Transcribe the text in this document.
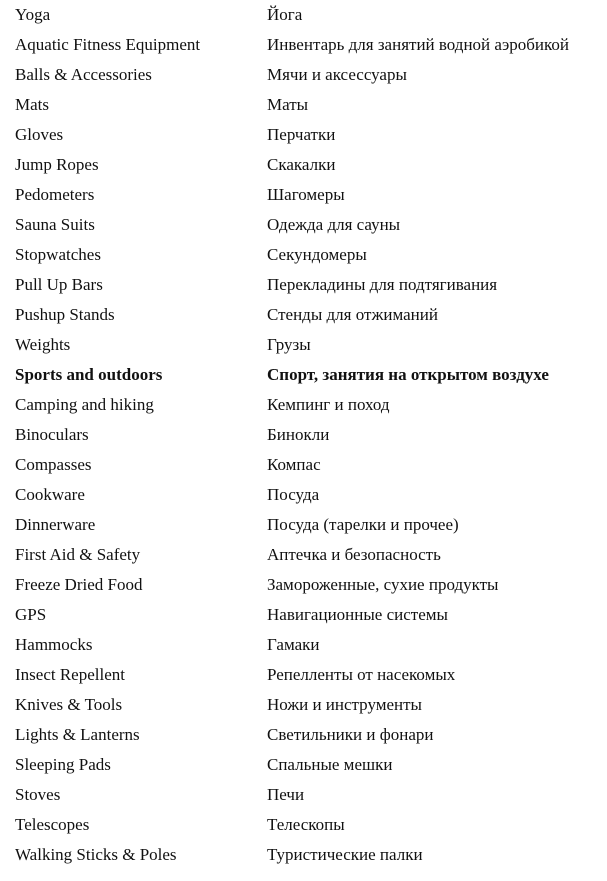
Yoga	Йога
Aquatic Fitness Equipment	Инвентарь для занятий водной аэробикой
Balls & Accessories	Мячи и аксессуары
Mats	Маты
Gloves	Перчатки
Jump Ropes	Скакалки
Pedometers	Шагомеры
Sauna Suits	Одежда для сауны
Stopwatches	Секундомеры
Pull Up Bars	Перекладины для подтягивания
Pushup Stands	Стенды для отжиманий
Weights	Грузы
Sports and outdoors	Спорт, занятия на открытом воздухе
Camping and hiking	Кемпинг и поход
Binoculars	Бинокли
Compasses	Компас
Cookware	Посуда
Dinnerware	Посуда (тарелки и прочее)
First Aid & Safety	Аптечка и безопасность
Freeze Dried Food	Замороженные, сухие продукты
GPS	Навигационные системы
Hammocks	Гамаки
Insect Repellent	Репелленты от насекомых
Knives & Tools	Ножи и инструменты
Lights & Lanterns	Светильники и фонари
Sleeping Pads	Спальные мешки
Stoves	Печи
Telescopes	Телескопы
Walking Sticks & Poles	Туристические палки
